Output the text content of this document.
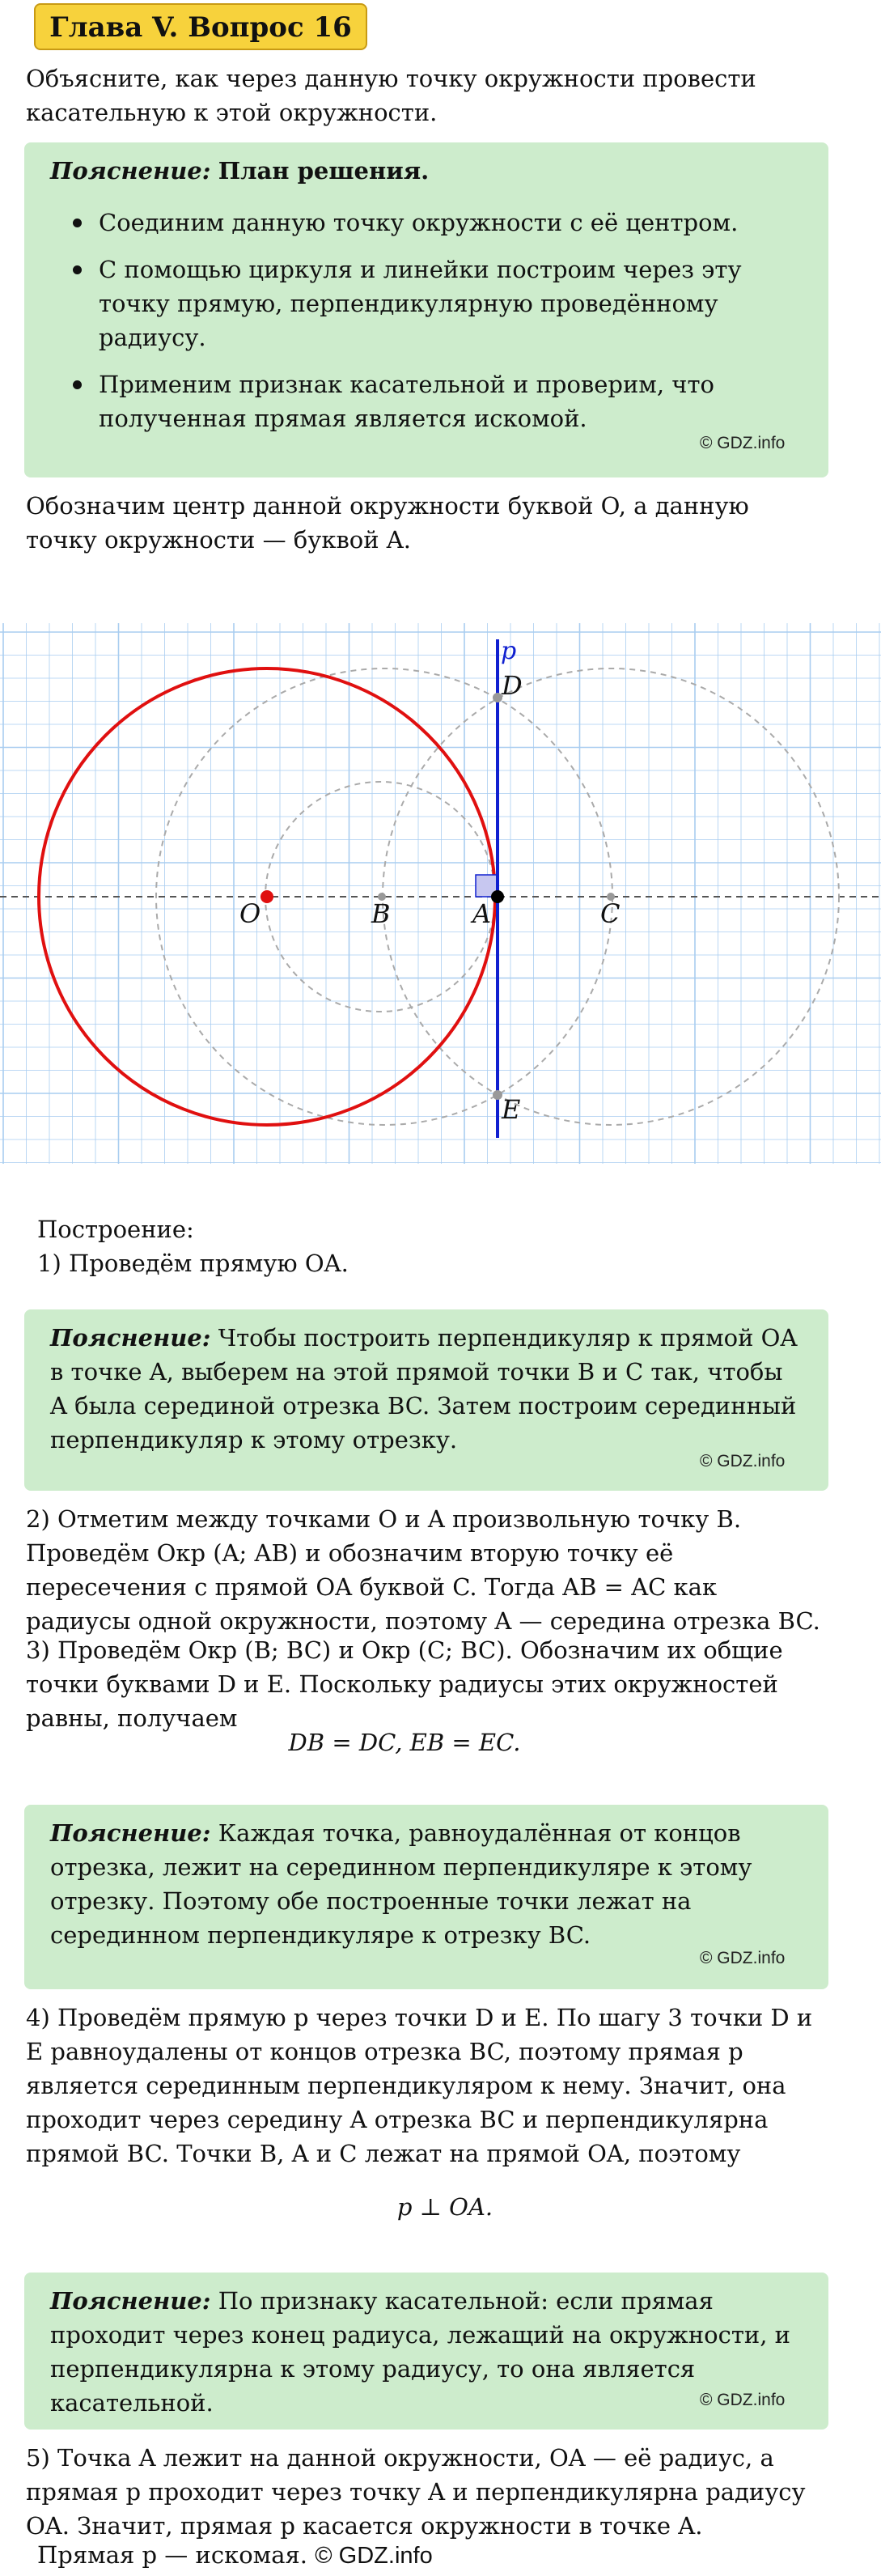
Глава V. Вопрос 16

Объясните, как через данную точку окружности провести касательную к этой окружности.

Пояснение: План решения.
Соединим данную точку окружности с её центром.
С помощью циркуля и линейки построим через эту точку прямую, перпендикулярную проведённому радиусу.
Применим признак касательной и проверим, что полученная прямая является искомой.
© GDZ.info

Обозначим центр данной окружности буквой O, а данную точку окружности — буквой A.

p
D
O	B	A	C
E

Построение:

1) Проведём прямую OA.

Пояснение: Чтобы построить перпендикуляр к прямой OA в точке A, выберем на этой прямой точки B и C так, чтобы A была серединой отрезка BC. Затем построим серединный перпендикуляр к этому отрезку.
© GDZ.info

2) Отметим между точками O и A произвольную точку B. Проведём Окр (A; AB) и обозначим вторую точку её пересечения с прямой OA буквой C. Тогда AB = AC как радиусы одной окружности, поэтому A — середина отрезка BC.

3) Проведём Окр (B; BC) и Окр (C; BC). Обозначим их общие точки буквами D и E. Поскольку радиусы этих окружностей равны, получаем

DB = DC, EB = EC.

Пояснение: Каждая точка, равноудалённая от концов отрезка, лежит на серединном перпендикуляре к этому отрезку. Поэтому обе построенные точки лежат на серединном перпендикуляре к отрезку BC.
© GDZ.info

4) Проведём прямую p через точки D и E. По шагу 3 точки D и E равноудалены от концов отрезка BC, поэтому прямая p является серединным перпендикуляром к нему. Значит, она проходит через середину A отрезка BC и перпендикулярна прямой BC. Точки B, A и C лежат на прямой OA, поэтому

p ⊥ OA.

Пояснение: По признаку касательной: если прямая проходит через конец радиуса, лежащий на окружности, и перпендикулярна к этому радиусу, то она является касательной.	© GDZ.info

5) Точка A лежит на данной окружности, OA — её радиус, а прямая p проходит через точку A и перпендикулярна радиусу OA. Значит, прямая p касается окружности в точке A.

Прямая p — искомая. © GDZ.info
